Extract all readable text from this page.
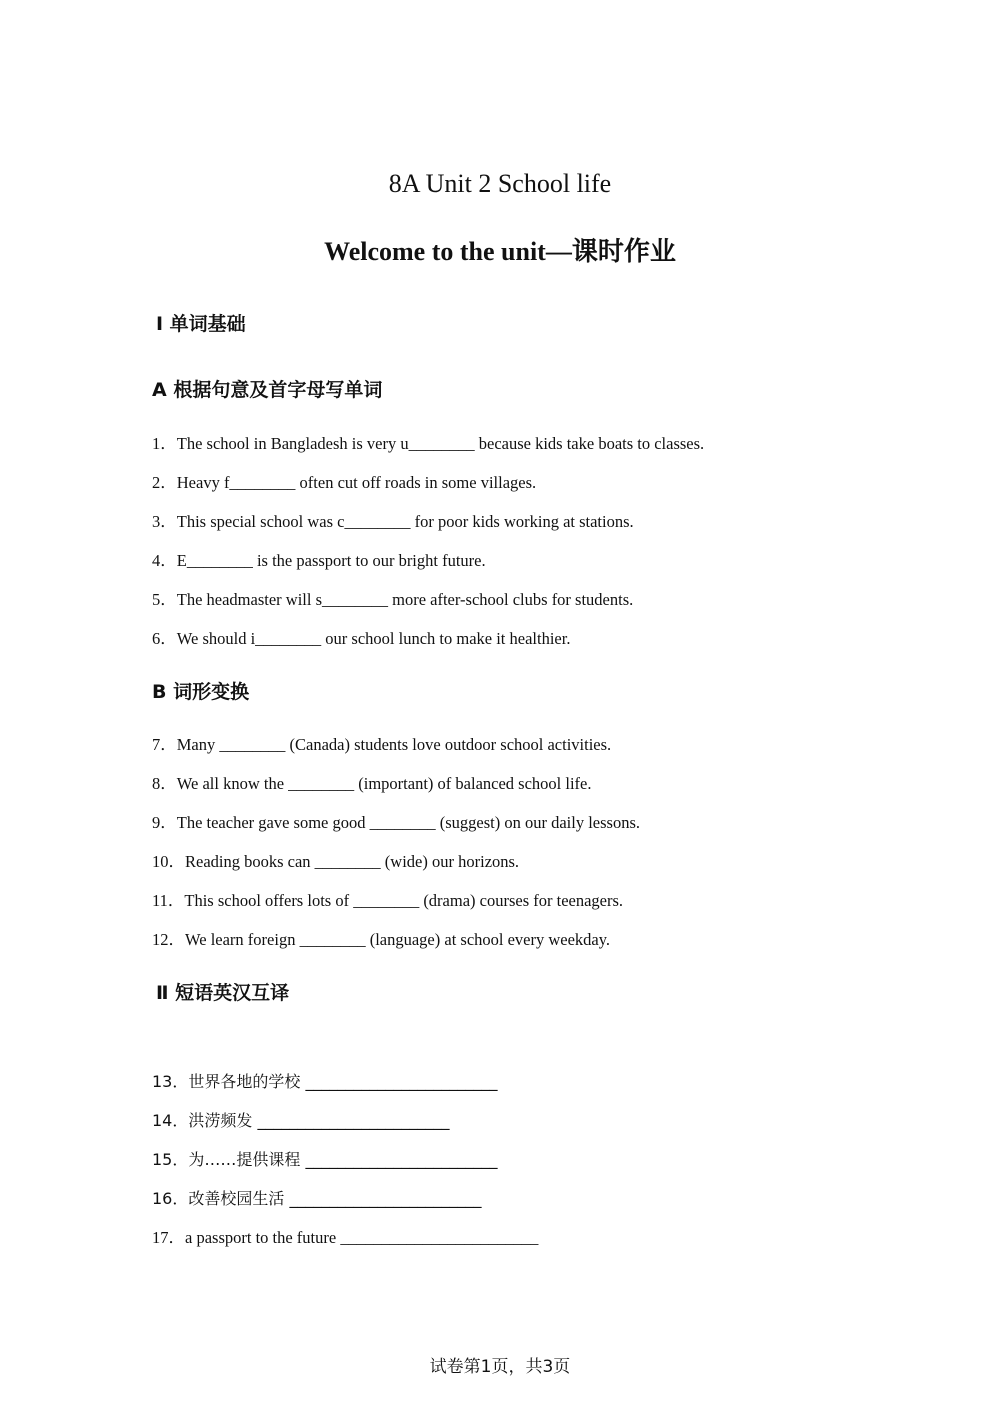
8A Unit 2 School life
Welcome to the unit—课时作业
Ⅰ 单词基础
A 根据句意及首字母写单词
1．The school in Bangladesh is very u________ because kids take boats to classes.
2．Heavy f________ often cut off roads in some villages.
3．This special school was c________ for poor kids working at stations.
4．E________ is the passport to our bright future.
5．The headmaster will s________ more after-school clubs for students.
6．We should i________ our school lunch to make it healthier.
B 词形变换
7．Many ________ (Canada) students love outdoor school activities.
8．We all know the ________ (important) of balanced school life.
9．The teacher gave some good ________ (suggest) on our daily lessons.
10．Reading books can ________ (wide) our horizons.
11．This school offers lots of ________ (drama) courses for teenagers.
12．We learn foreign ________ (language) at school every weekday.
Ⅱ 短语英汉互译
13．世界各地的学校 ________________________
14．洪涝频发 ________________________
15．为……提供课程 ________________________
16．改善校园生活 ________________________
17．a passport to the future ________________________
试卷第1页，共3页
